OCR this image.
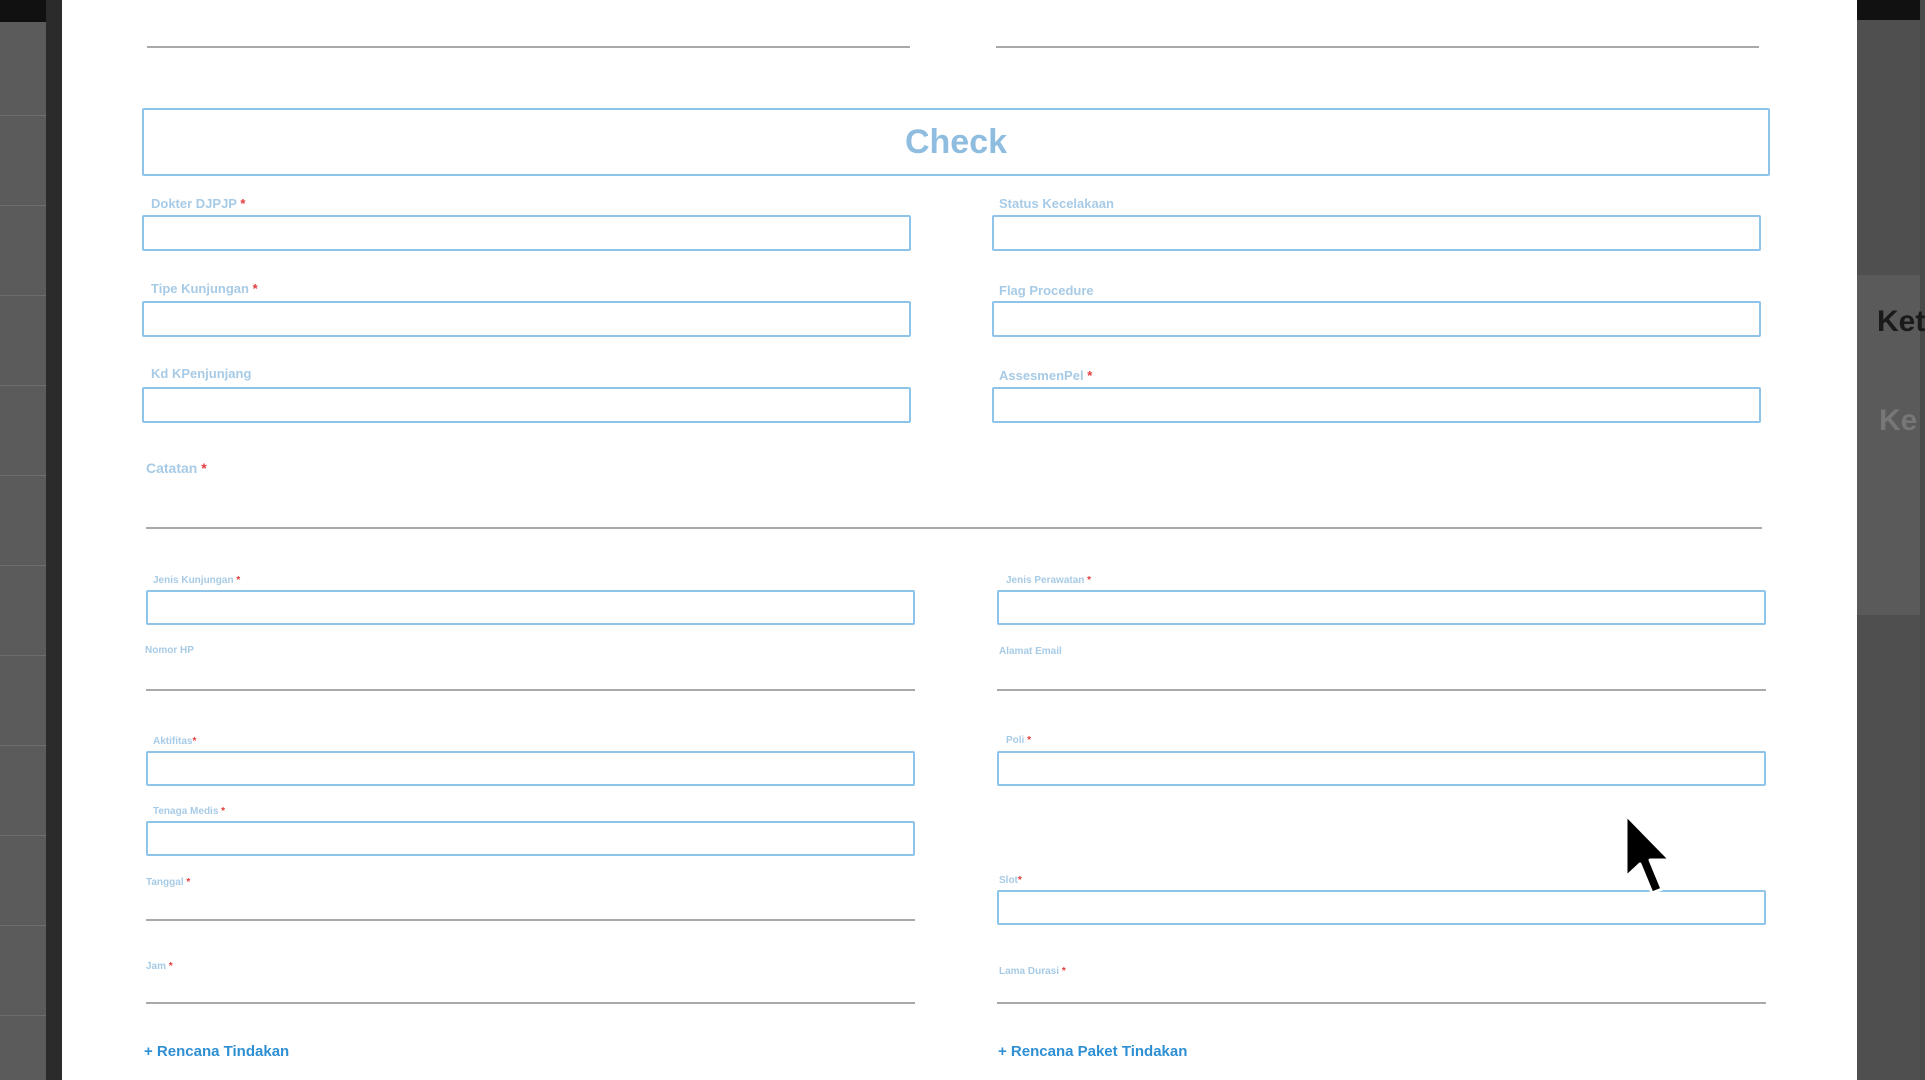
Ket
Ke
Check
Dokter DJPJP *	Status Kecelakaan
Tipe Kunjungan *	Flag Procedure
Kd KPenjunjang	AssesmenPel *
Catatan *
Jenis Kunjungan *	Jenis Perawatan *
Nomor HP	Alamat Email
Aktifitas*	Poli *
Tenaga Medis *
Tanggal *	Slot*
Jam *	Lama Durasi *
+ Rencana Tindakan	+ Rencana Paket Tindakan
